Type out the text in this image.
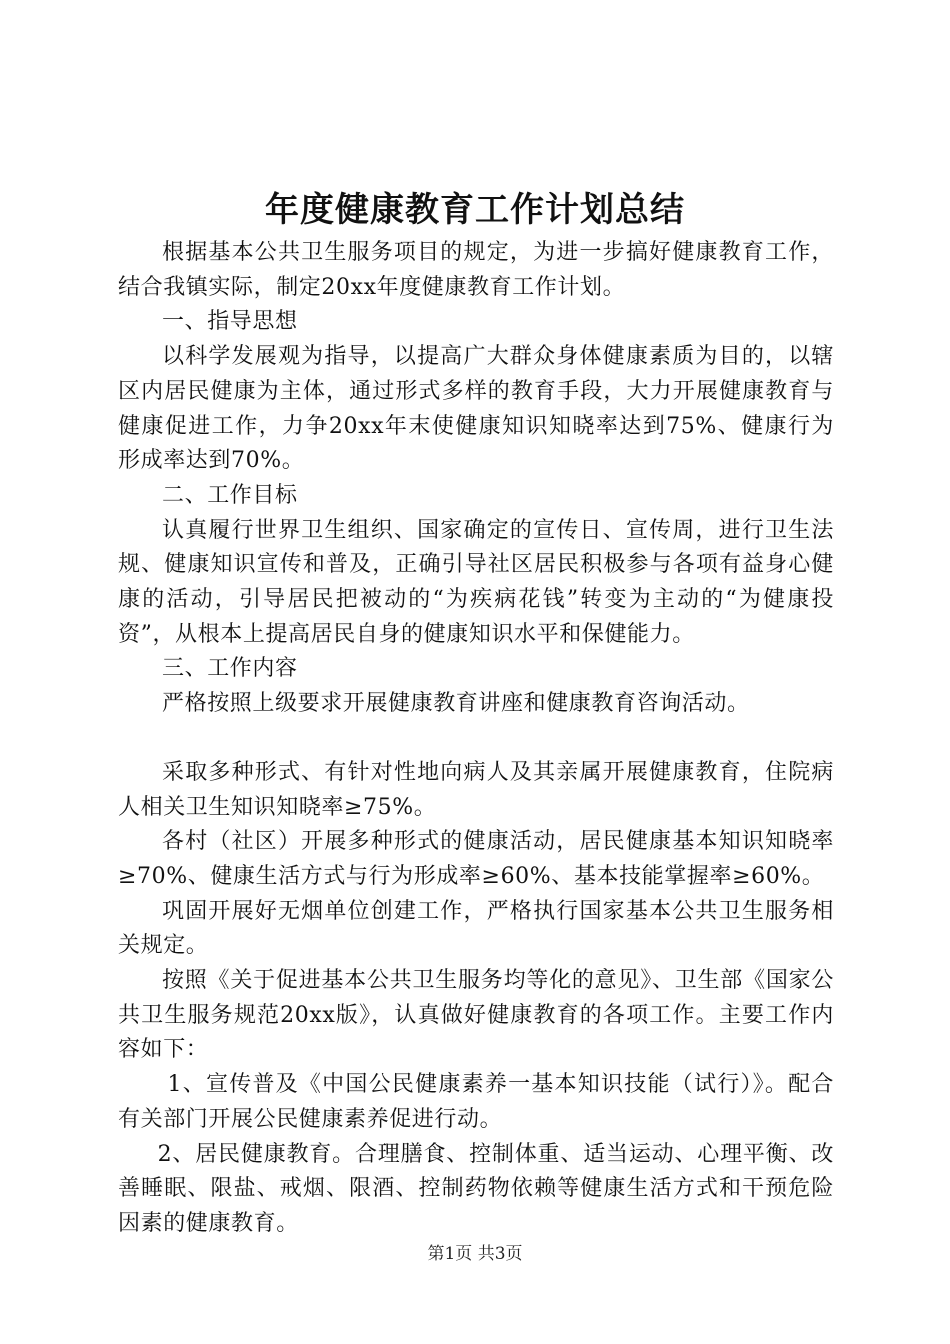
年度健康教育工作计划总结

根据基本公共卫生服务项目的规定，为进一步搞好健康教育工作，结合我镇实际，制定20xx年度健康教育工作计划。

一、指导思想

以科学发展观为指导，以提高广大群众身体健康素质为目的，以辖区内居民健康为主体，通过形式多样的教育手段，大力开展健康教育与健康促进工作，力争20xx年末使健康知识知晓率达到75%、健康行为形成率达到70%。

二、工作目标

认真履行世界卫生组织、国家确定的宣传日、宣传周，进行卫生法规、健康知识宣传和普及，正确引导社区居民积极参与各项有益身心健康的活动，引导居民把被动的“为疾病花钱”转变为主动的“为健康投资”，从根本上提高居民自身的健康知识水平和保健能力。

三、工作内容

严格按照上级要求开展健康教育讲座和健康教育咨询活动。

采取多种形式、有针对性地向病人及其亲属开展健康教育，住院病人相关卫生知识知晓率≥75%。

各村（社区）开展多种形式的健康活动，居民健康基本知识知晓率≥70%、健康生活方式与行为形成率≥60%、基本技能掌握率≥60%。

巩固开展好无烟单位创建工作，严格执行国家基本公共卫生服务相关规定。

按照《关于促进基本公共卫生服务均等化的意见》、卫生部《国家公共卫生服务规范20xx版》，认真做好健康教育的各项工作。主要工作内容如下：

1、宣传普及《中国公民健康素养一基本知识技能（试行）》。配合有关部门开展公民健康素养促进行动。

2、居民健康教育。合理膳食、控制体重、适当运动、心理平衡、改善睡眠、限盐、戒烟、限酒、控制药物依赖等健康生活方式和干预危险因素的健康教育。

第1页 共3页
